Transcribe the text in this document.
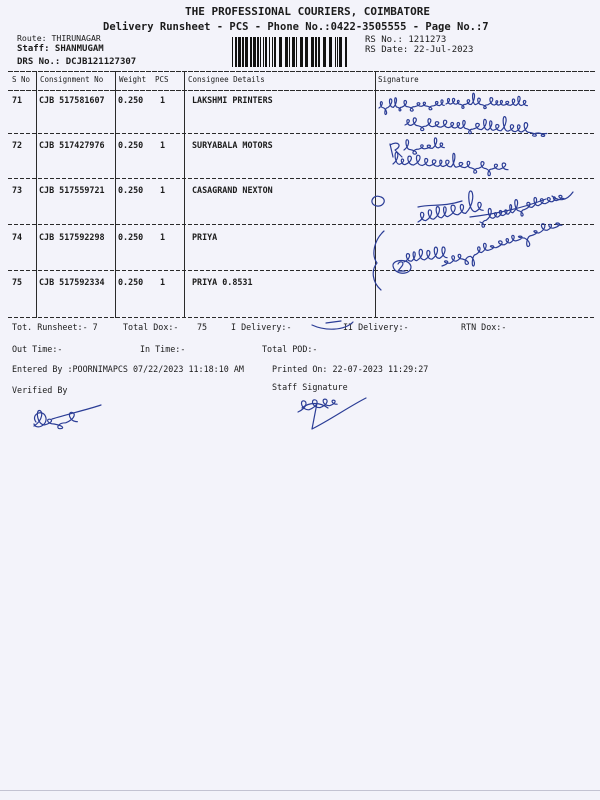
THE PROFESSIONAL COURIERS, COIMBATORE
Delivery Runsheet - PCS - Phone No.:0422-3505555 - Page No.:7
Route: THIRUNAGAR
Staff: SHANMUGAM
DRS No.: DCJB121127307
RS No.: 1211273
RS Date: 22-Jul-2023
S No Consignment No Weight PCS	Consignee Details	Signature
71 CJB 517581607 0.250 1	LAKSHMI PRINTERS
72 CJB 517427976 0.250 1	SURYABALA MOTORS
73 CJB 517559721 0.250 1	CASAGRAND NEXTON
74 CJB 517592298 0.250 1	PRIYA
75 CJB 517592334 0.250 1	PRIYA 0.8531
Tot. Runsheet:- 7	Total Dox:- 75	I Delivery:-	II Delivery:-	RTN Dox:-
Out Time:-	In Time:-	Total POD:-
Entered By :POORNIMAPCS 07/22/2023 11:18:10 AM	Printed On: 22-07-2023 11:29:27
Verified By	Staff Signature
